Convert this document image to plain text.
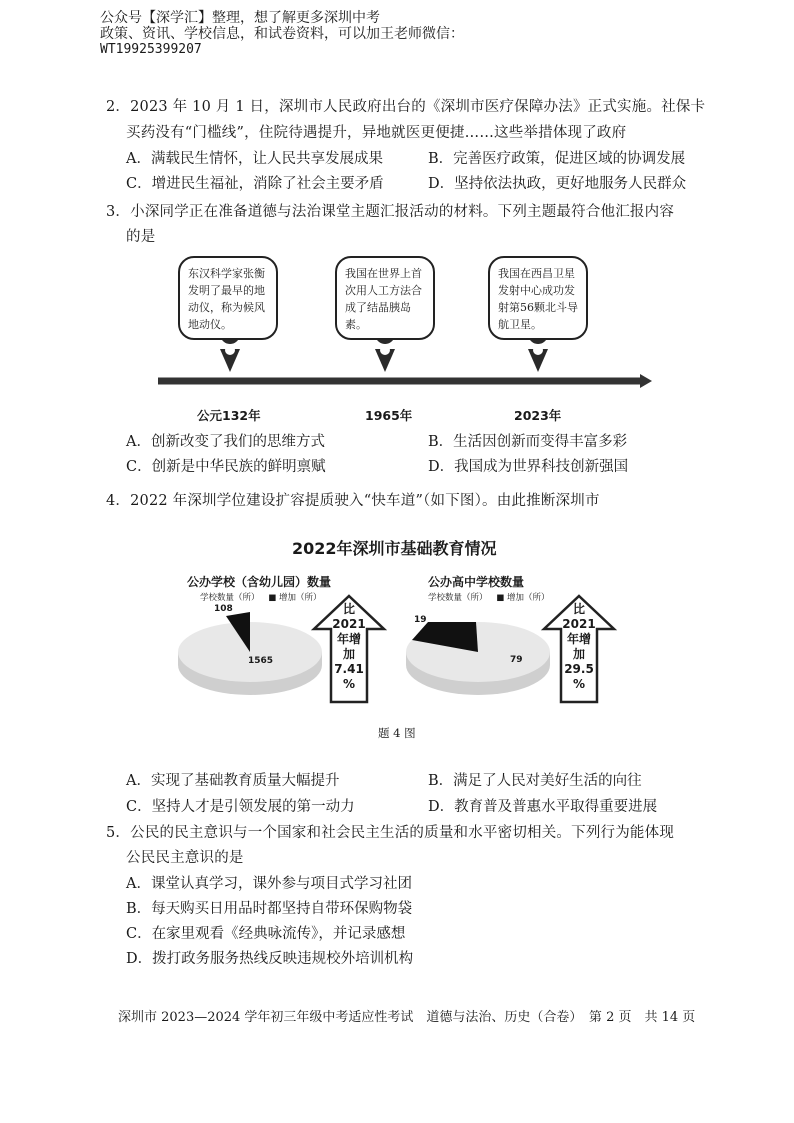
公众号【深学汇】整理，想了解更多深圳中考
政策、资讯、学校信息，和试卷资料，可以加王老师微信：
WT19925399207
2．2023 年 10 月 1 日，深圳市人民政府出台的《深圳市医疗保障办法》正式实施。社保卡
买药没有“门槛线”，住院待遇提升，异地就医更便捷……这些举措体现了政府
A．满载民生情怀，让人民共享发展成果	B．完善医疗政策，促进区域的协调发展
C．增进民生福祉，消除了社会主要矛盾	D．坚持依法执政，更好地服务人民群众
3．小深同学正在准备道德与法治课堂主题汇报活动的材料。下列主题最符合他汇报内容
的是
东汉科学家张衡发明了最早的地动仪，称为候风地动仪。
我国在世界上首次用人工方法合成了结晶胰岛素。
我国在西昌卫星发射中心成功发射第56颗北斗导航卫星。
公元132年	1965年	2023年
A．创新改变了我们的思维方式	B．生活因创新而变得丰富多彩
C．创新是中华民族的鲜明禀赋	D．我国成为世界科技创新强国
4．2022 年深圳学位建设扩容提质驶入“快车道”（如下图）。由此推断深圳市
2022年深圳市基础教育情况
公办学校（含幼儿园）数量
学校数量（所） ■ 增加（所）
108
1565
比
2021
年增
加
7.41
%
公办高中学校数量
学校数量（所） ■ 增加（所）
19
79
比
2021
年增
加
29.5
%
题 4 图
A．实现了基础教育质量大幅提升	B．满足了人民对美好生活的向往
C．坚持人才是引领发展的第一动力	D．教育普及普惠水平取得重要进展
5．公民的民主意识与一个国家和社会民主生活的质量和水平密切相关。下列行为能体现
公民民主意识的是
A．课堂认真学习，课外参与项目式学习社团
B．每天购买日用品时都坚持自带环保购物袋
C．在家里观看《经典咏流传》，并记录感想
D．拨打政务服务热线反映违规校外培训机构
深圳市 2023—2024 学年初三年级中考适应性考试　道德与法治、历史（合卷）　第 2 页　共 14 页
